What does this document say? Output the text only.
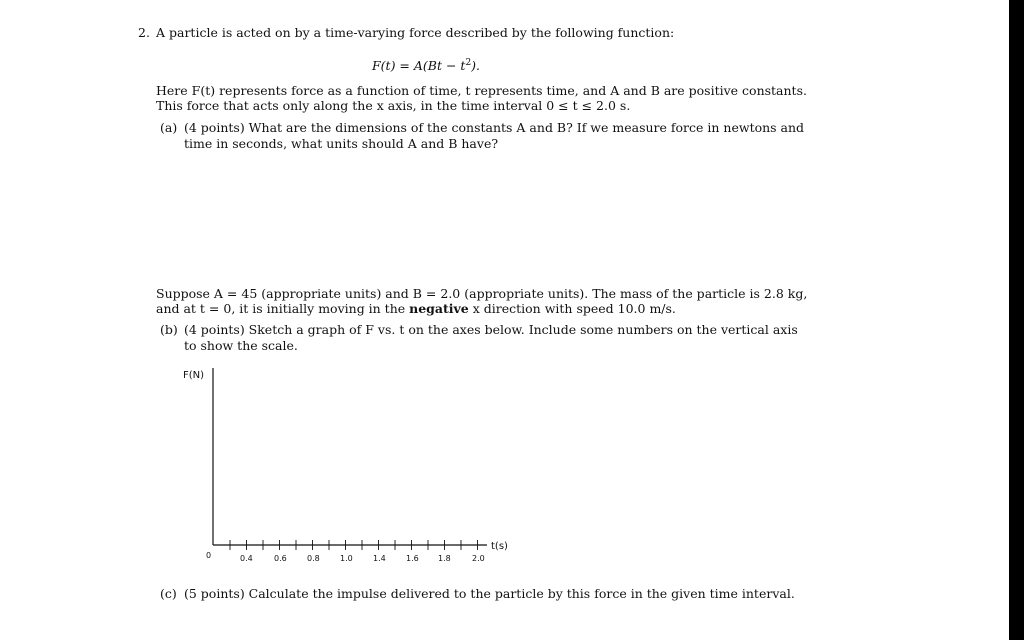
2. A particle is acted on by a time-varying force described by the following function:
$F(t) = A(Bt - t^2)$.
Here F(t) represents force as a function of time, t represents time, and A and B are positive constants.
This force that acts only along the x axis, in the time interval 0 ≤ t ≤ 2.0 s.
(a) (4 points) What are the dimensions of the constants A and B? If we measure force in newtons and
time in seconds, what units should A and B have?
Suppose A = 45 (appropriate units) and B = 2.0 (appropriate units). The mass of the particle is 2.8 kg,
and at t = 0, it is initially moving in the negative x direction with speed 10.0 m/s.
(b) (4 points) Sketch a graph of F vs. t on the axes below. Include some numbers on the vertical axis
to show the scale.
F(N)
t(s)
0	0.4	0.6	0.8	1.0	1.4	1.6 1.8	2.0
(c) (5 points) Calculate the impulse delivered to the particle by this force in the given time interval.
